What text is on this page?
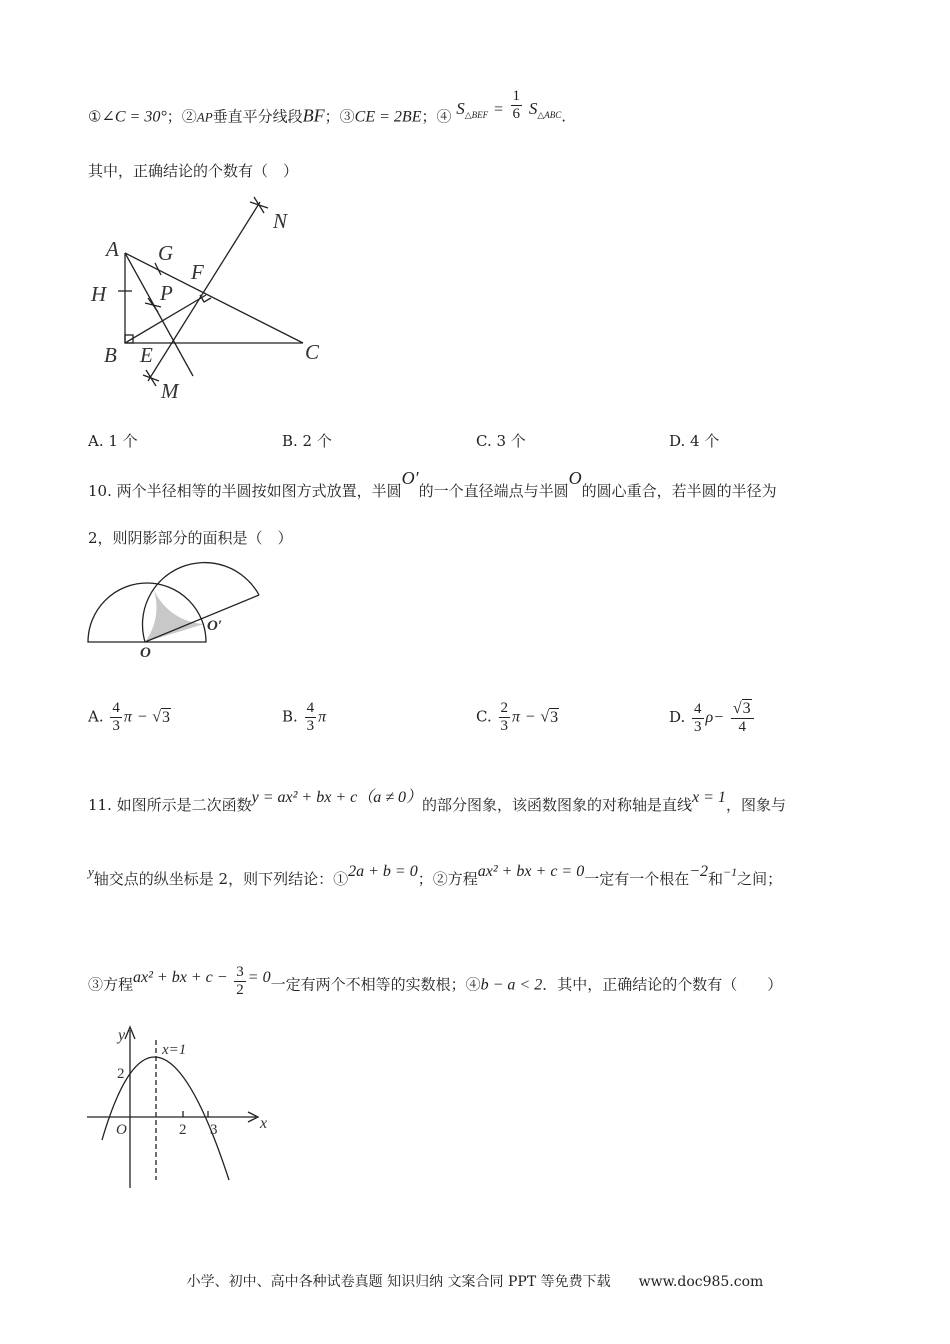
①∠C = 30°；②AP垂直平分线段BF；③CE = 2BE；④ $S^{\triangle BEF} = \frac{1}{6} S^{\triangle ABC}$.
其中，正确结论的个数有（　）
A G
F
N
H	P
B E	C
M
A. 1 个	B. 2 个	C. 3 个	D. 4 个
10. 两个半径相等的半圆按如图方式放置，半圆O′的一个直径端点与半圆O的圆心重合，若半圆的半径为
2，则阴影部分的面积是（　）
O
O′
A. $\frac{4}{3}$ π − √3	B. $\frac{4}{3}$ π	C. $\frac{2}{3}$ π − √3	D. $\frac{4}{3} \rho- \frac{√3}{4}$
11. 如图所示是二次函数y = ax² + bx + c（a ≠ 0）的部分图象，该函数图象的对称轴是直线x = 1，图象与
y轴交点的纵坐标是 2，则下列结论：①2a + b = 0；②方程ax² + bx + c = 0一定有一个根在−2和$^{-1}$之间；
③方程ax² + bx + $c - \frac{3}{2} = 0$一定有两个不相等的实数根；④b − a < 2．其中，正确结论的个数有（　　）
y
x
x=1
2
O	2 3
小学、初中、高中各种试卷真题 知识归纳 文案合同 PPT 等免费下载　　www.doc985.com
